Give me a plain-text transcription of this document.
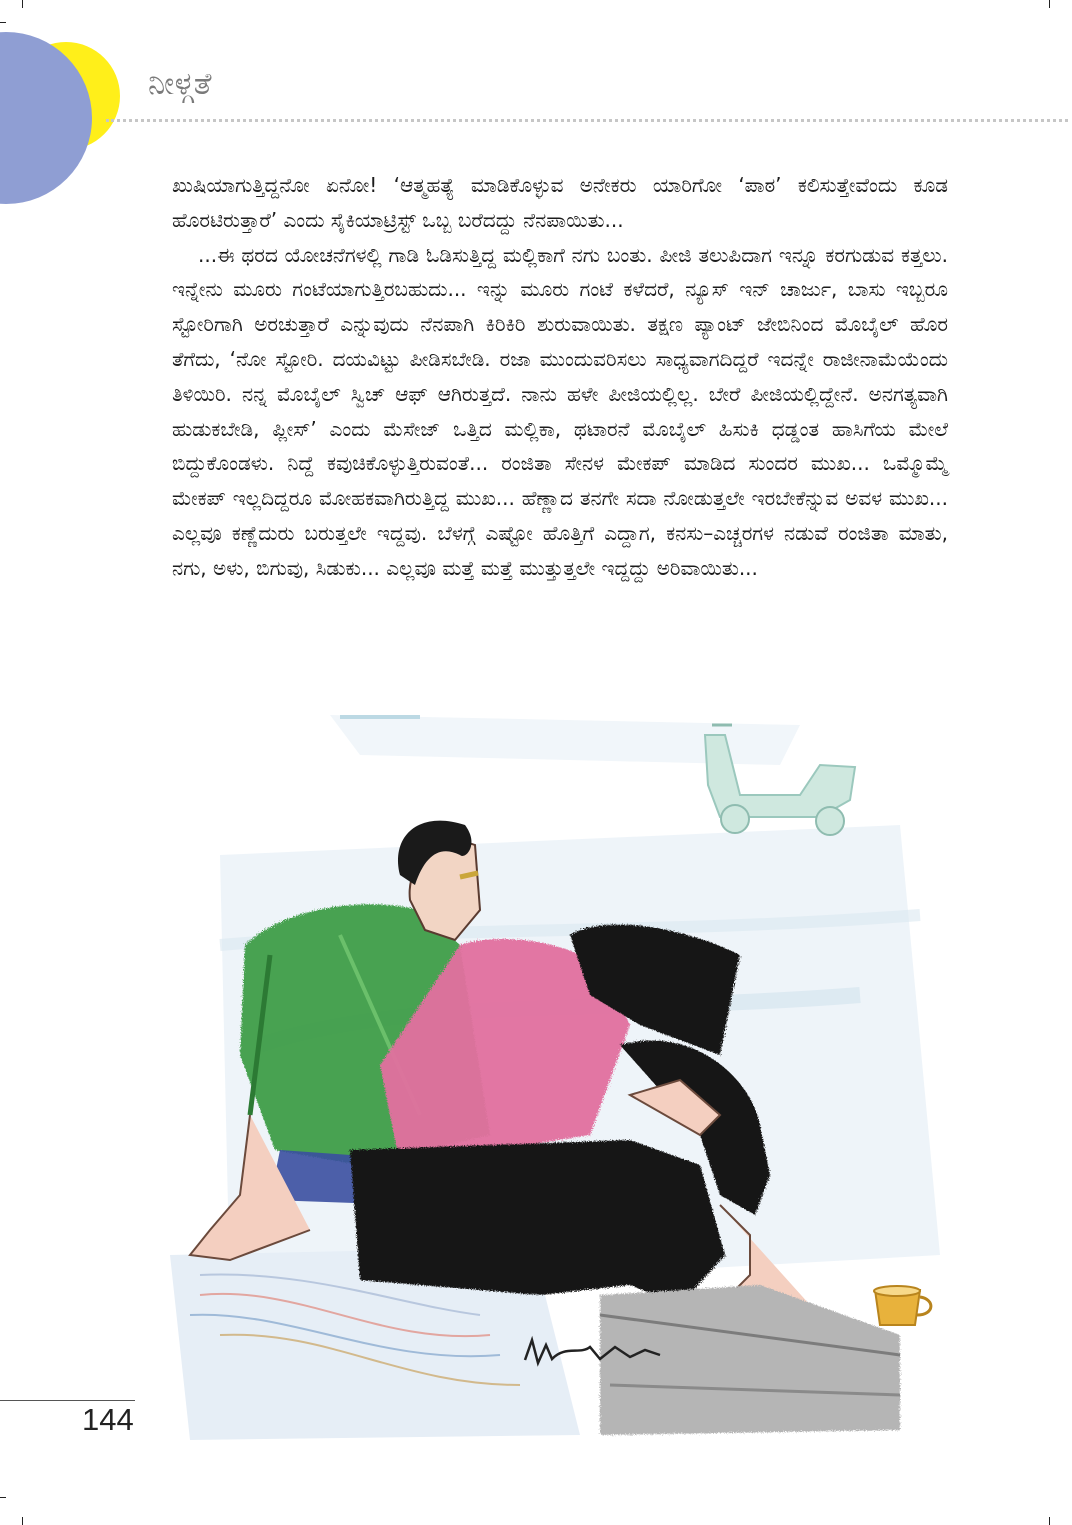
ನೀಳ್ಗತೆ

ಖುಷಿಯಾಗುತ್ತಿದ್ದನೋ ಏನೋ! ‘ಆತ್ಮಹತ್ಯೆ ಮಾಡಿಕೊಳ್ಳುವ ಅನೇಕರು ಯಾರಿಗೋ ‘ಪಾಠ’ ಕಲಿಸುತ್ತೇವೆಂದು ಕೂಡ ಹೊರಟಿರುತ್ತಾರೆ’ ಎಂದು ಸೈಕಿಯಾಟ್ರಿಸ್ಟ್ ಒಬ್ಬ ಬರೆದದ್ದು ನೆನಪಾಯಿತು...

...ಈ ಥರದ ಯೋಚನೆಗಳಲ್ಲಿ ಗಾಡಿ ಓಡಿಸುತ್ತಿದ್ದ ಮಲ್ಲಿಕಾಗೆ ನಗು ಬಂತು. ಪೀಜಿ ತಲುಪಿದಾಗ ಇನ್ನೂ ಕರಗುಡುವ ಕತ್ತಲು. ಇನ್ನೇನು ಮೂರು ಗಂಟೆಯಾಗುತ್ತಿರಬಹುದು... ಇನ್ನು ಮೂರು ಗಂಟೆ ಕಳೆದರೆ, ನ್ಯೂಸ್ ಇನ್ ಚಾರ್ಜು, ಬಾಸು ಇಬ್ಬರೂ ಸ್ಟೋರಿಗಾಗಿ ಅರಚುತ್ತಾರೆ ಎನ್ನುವುದು ನೆನಪಾಗಿ ಕಿರಿಕಿರಿ ಶುರುವಾಯಿತು. ತಕ್ಷಣ ಪ್ಯಾಂಟ್ ಜೇಬಿನಿಂದ ಮೊಬೈಲ್ ಹೊರ ತೆಗೆದು, ‘ನೋ ಸ್ಟೋರಿ. ದಯವಿಟ್ಟು ಪೀಡಿಸಬೇಡಿ. ರಜಾ ಮುಂದುವರಿಸಲು ಸಾಧ್ಯವಾಗದಿದ್ದರೆ ಇದನ್ನೇ ರಾಜೀನಾಮೆಯೆಂದು ತಿಳಿಯಿರಿ. ನನ್ನ ಮೊಬೈಲ್ ಸ್ವಿಚ್ ಆಫ್ ಆಗಿರುತ್ತದೆ. ನಾನು ಹಳೇ ಪೀಜಿಯಲ್ಲಿಲ್ಲ. ಬೇರೆ ಪೀಜಿಯಲ್ಲಿದ್ದೇನೆ. ಅನಗತ್ಯವಾಗಿ ಹುಡುಕಬೇಡಿ, ಪ್ಲೀಸ್’ ಎಂದು ಮೆಸೇಜ್ ಒತ್ತಿದ ಮಲ್ಲಿಕಾ, ಥಟಾರನೆ ಮೊಬೈಲ್ ಹಿಸುಕಿ ಧಡ್ಡಂತ ಹಾಸಿಗೆಯ ಮೇಲೆ ಬಿದ್ದುಕೊಂಡಳು. ನಿದ್ದೆ ಕವುಚಿಕೊಳ್ಳುತ್ತಿರುವಂತೆ... ರಂಜಿತಾ ಸೇನಳ ಮೇಕಪ್ ಮಾಡಿದ ಸುಂದರ ಮುಖ... ಒಮ್ಮೊಮ್ಮೆ ಮೇಕಪ್ ಇಲ್ಲದಿದ್ದರೂ ಮೋಹಕವಾಗಿರುತ್ತಿದ್ದ ಮುಖ... ಹೆಣ್ಣಾದ ತನಗೇ ಸದಾ ನೋಡುತ್ತಲೇ ಇರಬೇಕೆನ್ನುವ ಅವಳ ಮುಖ... ಎಲ್ಲವೂ ಕಣ್ಣೆದುರು ಬರುತ್ತಲೇ ಇದ್ದವು. ಬೆಳಗ್ಗೆ ಎಷ್ಟೋ ಹೊತ್ತಿಗೆ ಎದ್ದಾಗ, ಕನಸು–ಎಚ್ಚರಗಳ ನಡುವೆ ರಂಜಿತಾ ಮಾತು, ನಗು, ಅಳು, ಬಿಗುವು, ಸಿಡುಕು... ಎಲ್ಲವೂ ಮತ್ತೆ ಮತ್ತೆ ಮುತ್ತುತ್ತಲೇ ಇದ್ದದ್ದು ಅರಿವಾಯಿತು...

144
